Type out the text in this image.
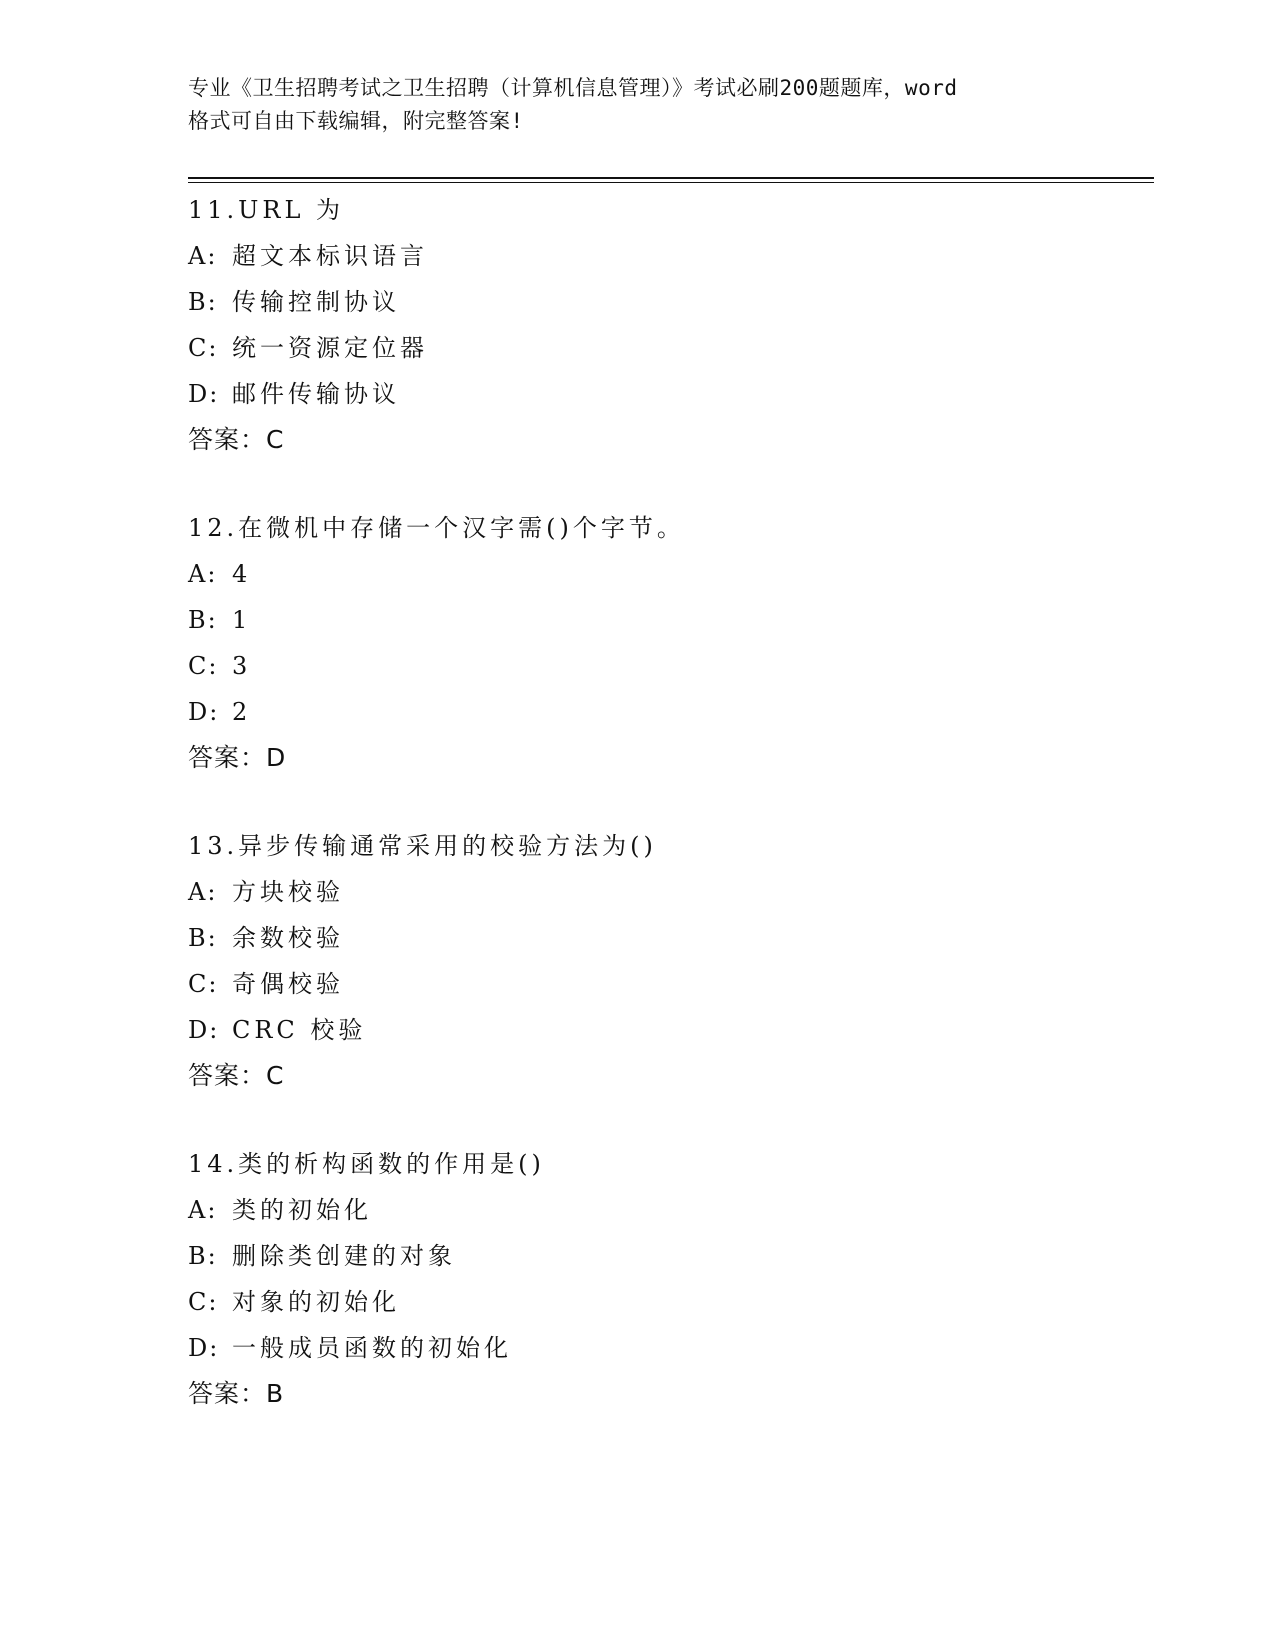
专业《卫生招聘考试之卫生招聘（计算机信息管理）》考试必刷200题题库，word
格式可自由下载编辑，附完整答案!
11.URL 为
A: 超文本标识语言
B: 传输控制协议
C: 统一资源定位器
D: 邮件传输协议
答案：C
12.在微机中存储一个汉字需()个字节。
A: 4
B: 1
C: 3
D: 2
答案：D
13.异步传输通常采用的校验方法为()
A: 方块校验
B: 余数校验
C: 奇偶校验
D: CRC 校验
答案：C
14.类的析构函数的作用是()
A: 类的初始化
B: 删除类创建的对象
C: 对象的初始化
D: 一般成员函数的初始化
答案：B
